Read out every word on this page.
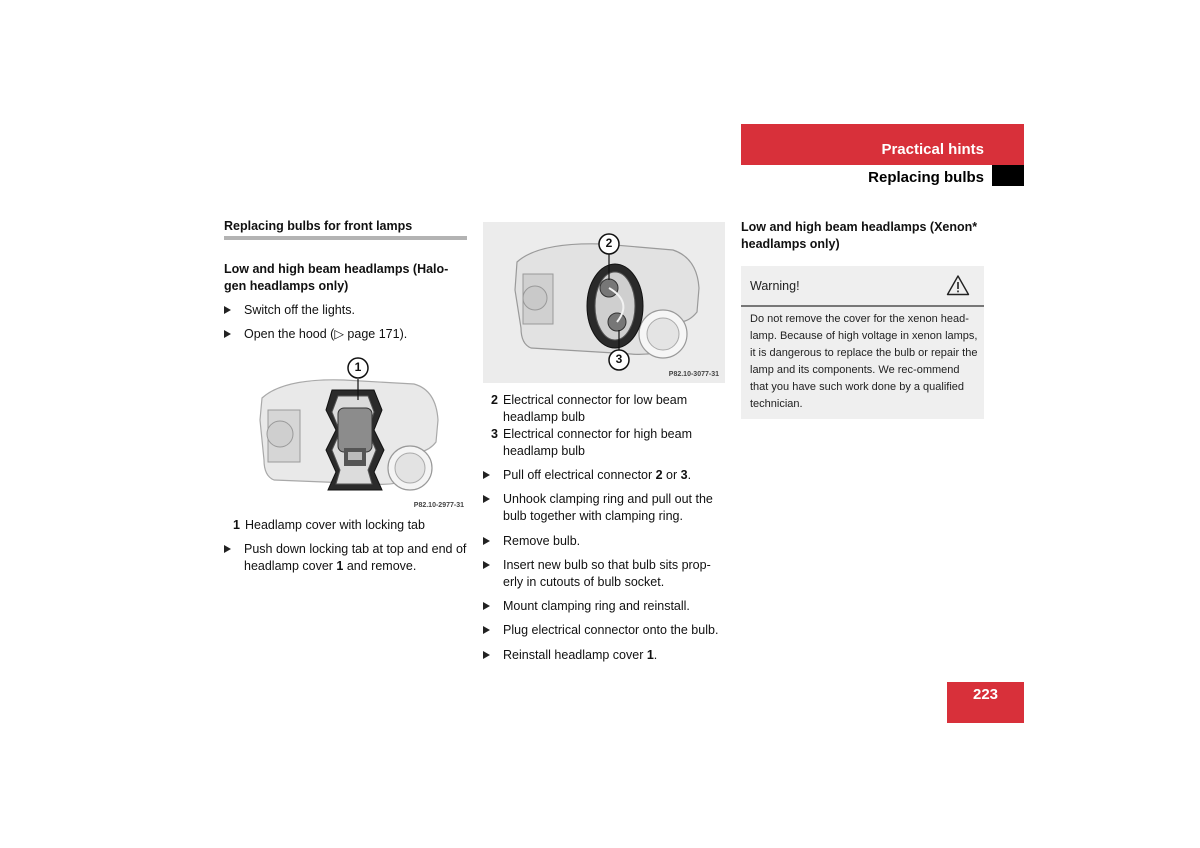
Practical hints
Replacing bulbs
Replacing bulbs for front lamps
Low and high beam headlamps (Halo-
gen headlamps only)
Switch off the lights.
Open the hood (▷ page 171).
1
P82.10-2977-31
1 Headlamp cover with locking tab
Push down locking tab at top and end of headlamp cover 1 and remove.
2
3
P82.10-3077-31
2 Electrical connector for low beam headlamp bulb
3 Electrical connector for high beam headlamp bulb
Pull off electrical connector 2 or 3.
Unhook clamping ring and pull out the bulb together with clamping ring.
Remove bulb.
Insert new bulb so that bulb sits prop-erly in cutouts of bulb socket.
Mount clamping ring and reinstall.
Plug electrical connector onto the bulb.
Reinstall headlamp cover 1.
Low and high beam headlamps (Xenon*
headlamps only)
Warning!
Do not remove the cover for the xenon head-lamp. Because of high voltage in xenon lamps, it is dangerous to replace the bulb or repair the lamp and its components. We rec-ommend that you have such work done by a qualified technician.
223
